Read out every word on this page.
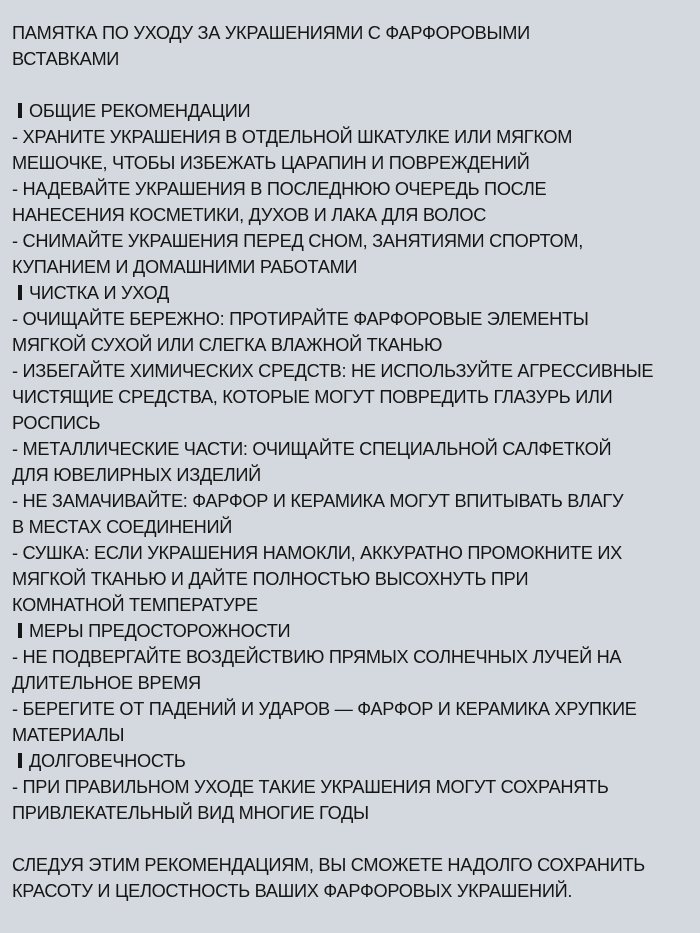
ПАМЯТКА ПО УХОДУ ЗА УКРАШЕНИЯМИ С ФАРФОРОВЫМИ
ВСТАВКАМИ
ОБЩИЕ РЕКОМЕНДАЦИИ
- ХРАНИТЕ УКРАШЕНИЯ В ОТДЕЛЬНОЙ ШКАТУЛКЕ ИЛИ МЯГКОМ
МЕШОЧКЕ, ЧТОБЫ ИЗБЕЖАТЬ ЦАРАПИН И ПОВРЕЖДЕНИЙ
- НАДЕВАЙТЕ УКРАШЕНИЯ В ПОСЛЕДНЮЮ ОЧЕРЕДЬ ПОСЛЕ
НАНЕСЕНИЯ КОСМЕТИКИ, ДУХОВ И ЛАКА ДЛЯ ВОЛОС
- СНИМАЙТЕ УКРАШЕНИЯ ПЕРЕД СНОМ, ЗАНЯТИЯМИ СПОРТОМ,
КУПАНИЕМ И ДОМАШНИМИ РАБОТАМИ
ЧИСТКА И УХОД
- ОЧИЩАЙТЕ БЕРЕЖНО: ПРОТИРАЙТЕ ФАРФОРОВЫЕ ЭЛЕМЕНТЫ
МЯГКОЙ СУХОЙ ИЛИ СЛЕГКА ВЛАЖНОЙ ТКАНЬЮ
- ИЗБЕГАЙТЕ ХИМИЧЕСКИХ СРЕДСТВ: НЕ ИСПОЛЬЗУЙТЕ АГРЕССИВНЫЕ
ЧИСТЯЩИЕ СРЕДСТВА, КОТОРЫЕ МОГУТ ПОВРЕДИТЬ ГЛАЗУРЬ ИЛИ
РОСПИСЬ
- МЕТАЛЛИЧЕСКИЕ ЧАСТИ: ОЧИЩАЙТЕ СПЕЦИАЛЬНОЙ САЛФЕТКОЙ
ДЛЯ ЮВЕЛИРНЫХ ИЗДЕЛИЙ
- НЕ ЗАМАЧИВАЙТЕ: ФАРФОР И КЕРАМИКА МОГУТ ВПИТЫВАТЬ ВЛАГУ
В МЕСТАХ СОЕДИНЕНИЙ
- СУШКА: ЕСЛИ УКРАШЕНИЯ НАМОКЛИ, АККУРАТНО ПРОМОКНИТЕ ИХ
МЯГКОЙ ТКАНЬЮ И ДАЙТЕ ПОЛНОСТЬЮ ВЫСОХНУТЬ ПРИ
КОМНАТНОЙ ТЕМПЕРАТУРЕ
МЕРЫ ПРЕДОСТОРОЖНОСТИ
- НЕ ПОДВЕРГАЙТЕ ВОЗДЕЙСТВИЮ ПРЯМЫХ СОЛНЕЧНЫХ ЛУЧЕЙ НА
ДЛИТЕЛЬНОЕ ВРЕМЯ
- БЕРЕГИТЕ ОТ ПАДЕНИЙ И УДАРОВ — ФАРФОР И КЕРАМИКА ХРУПКИЕ
МАТЕРИАЛЫ
ДОЛГОВЕЧНОСТЬ
- ПРИ ПРАВИЛЬНОМ УХОДЕ ТАКИЕ УКРАШЕНИЯ МОГУТ СОХРАНЯТЬ
ПРИВЛЕКАТЕЛЬНЫЙ ВИД МНОГИЕ ГОДЫ
СЛЕДУЯ ЭТИМ РЕКОМЕНДАЦИЯМ, ВЫ СМОЖЕТЕ НАДОЛГО СОХРАНИТЬ
КРАСОТУ И ЦЕЛОСТНОСТЬ ВАШИХ ФАРФОРОВЫХ УКРАШЕНИЙ.
